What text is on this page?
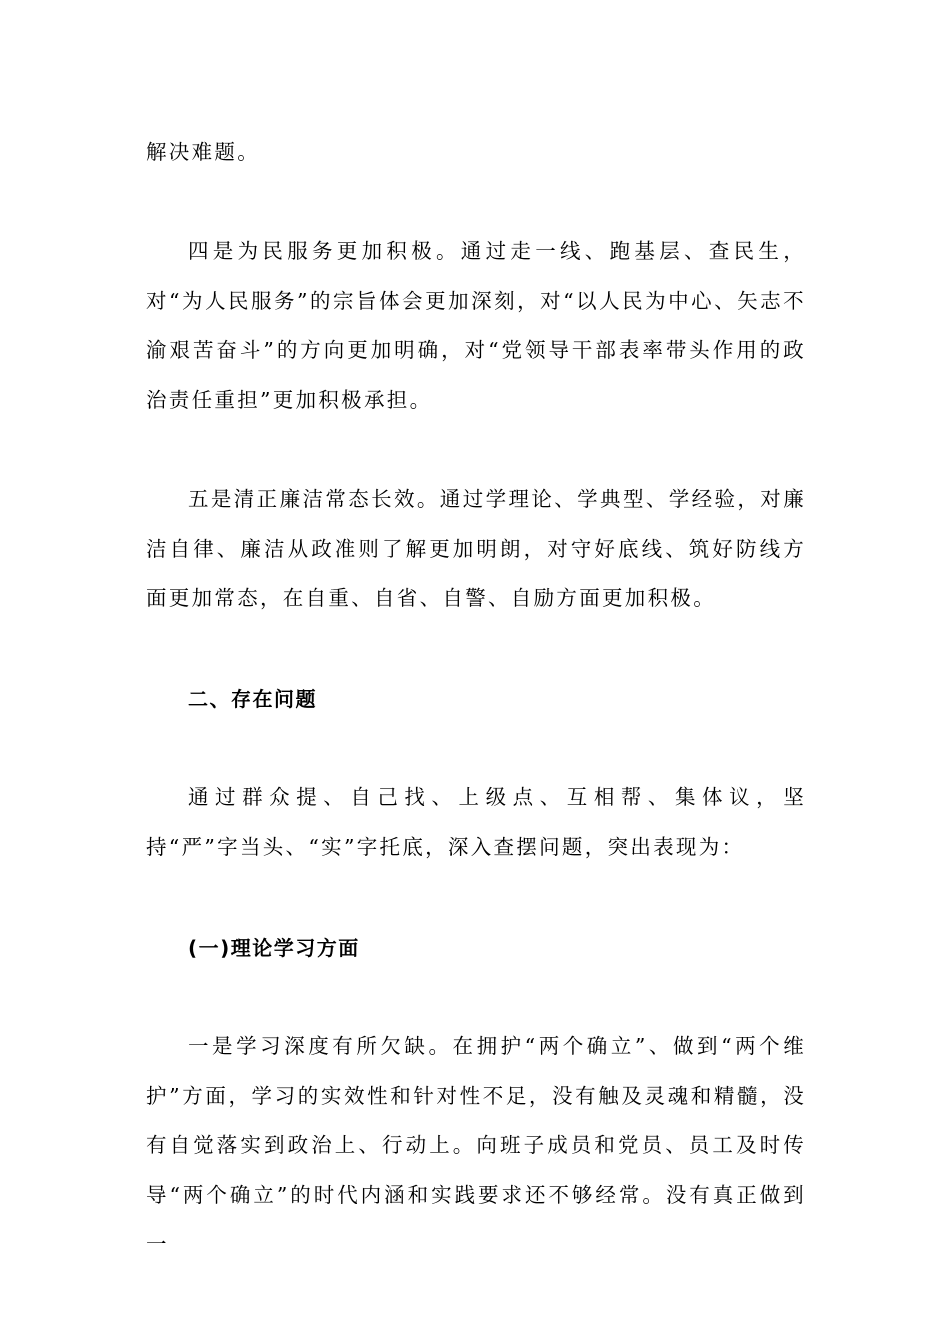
解决难题。

四是为民服务更加积极。通过走一线、跑基层、查民生，对“为人民服务”的宗旨体会更加深刻，对“以人民为中心、矢志不渝艰苦奋斗”的方向更加明确，对“党领导干部表率带头作用的政治责任重担”更加积极承担。

五是清正廉洁常态长效。通过学理论、学典型、学经验，对廉洁自律、廉洁从政准则了解更加明朗，对守好底线、筑好防线方面更加常态，在自重、自省、自警、自励方面更加积极。

二、存在问题

通过群众提、自己找、上级点、互相帮、集体议，坚持“严”字当头、“实”字托底，深入查摆问题，突出表现为：

(一)理论学习方面

一是学习深度有所欠缺。在拥护“两个确立”、做到“两个维护”方面，学习的实效性和针对性不足，没有触及灵魂和精髓，没有自觉落实到政治上、行动上。向班子成员和党员、员工及时传导“两个确立”的时代内涵和实践要求还不够经常。没有真正做到一
